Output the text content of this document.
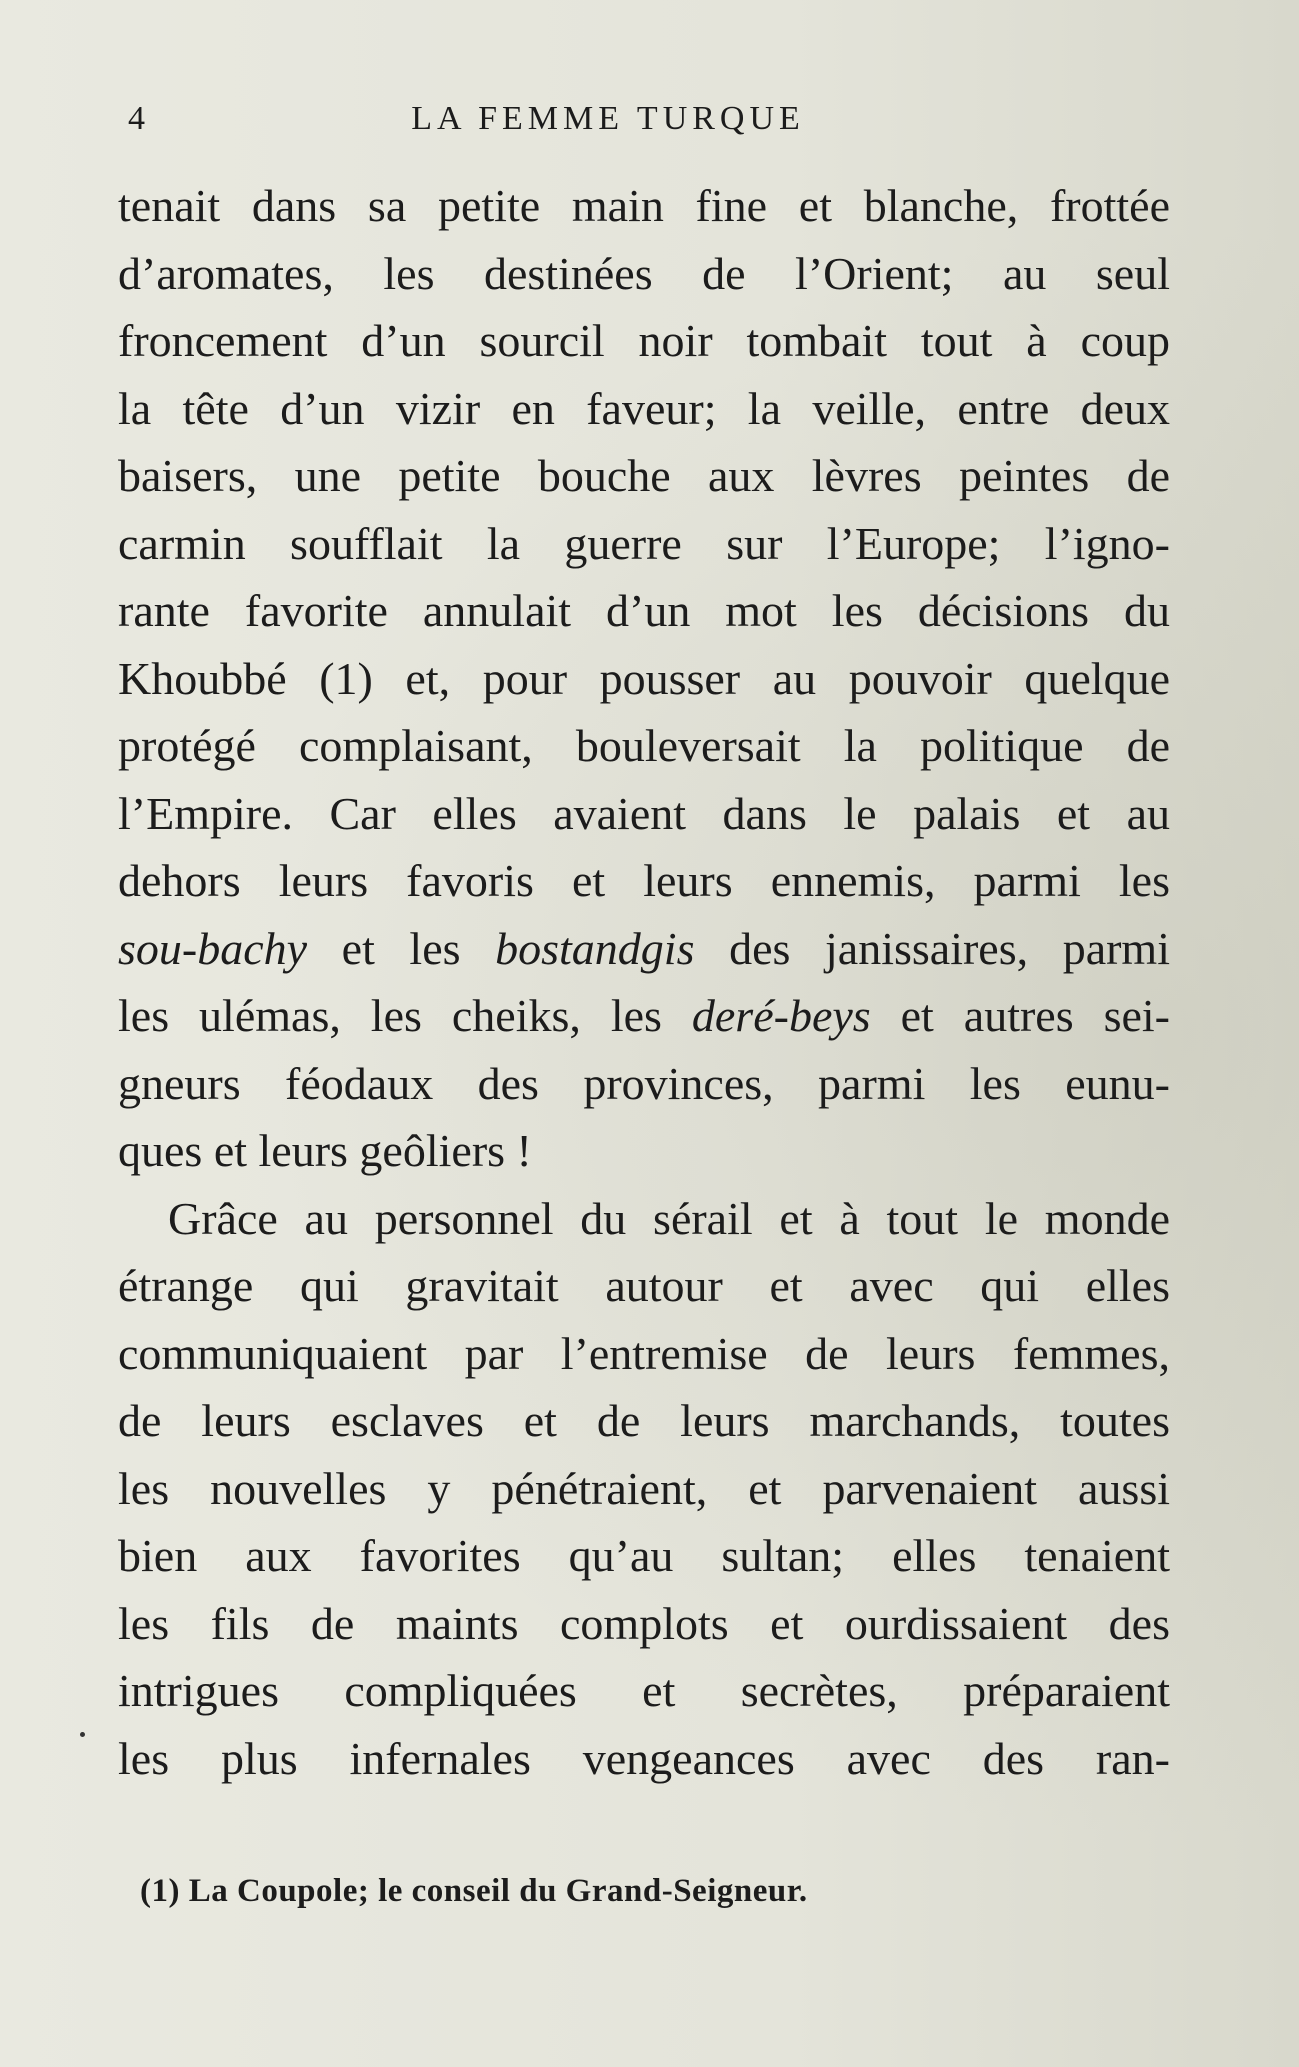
4	LA FEMME TURQUE
tenait dans sa petite main fine et blanche, frottée
d’aromates, les destinées de l’Orient; au seul
froncement d’un sourcil noir tombait tout à coup
la tête d’un vizir en faveur; la veille, entre deux
baisers, une petite bouche aux lèvres peintes de
carmin soufflait la guerre sur l’Europe; l’igno-
rante favorite annulait d’un mot les décisions du
Khoubbé (1) et, pour pousser au pouvoir quelque
protégé complaisant, bouleversait la politique de
l’Empire. Car elles avaient dans le palais et au
dehors leurs favoris et leurs ennemis, parmi les
sou-bachy et les bostandgis des janissaires, parmi
les ulémas, les cheiks, les deré-beys et autres sei-
gneurs féodaux des provinces, parmi les eunu-
ques et leurs geôliers !
Grâce au personnel du sérail et à tout le monde
étrange qui gravitait autour et avec qui elles
communiquaient par l’entremise de leurs femmes,
de leurs esclaves et de leurs marchands, toutes
les nouvelles y pénétraient, et parvenaient aussi
bien aux favorites qu’au sultan; elles tenaient
les fils de maints complots et ourdissaient des
intrigues compliquées et secrètes, préparaient
les plus infernales vengeances avec des ran-
(1) La Coupole; le conseil du Grand-Seigneur.
